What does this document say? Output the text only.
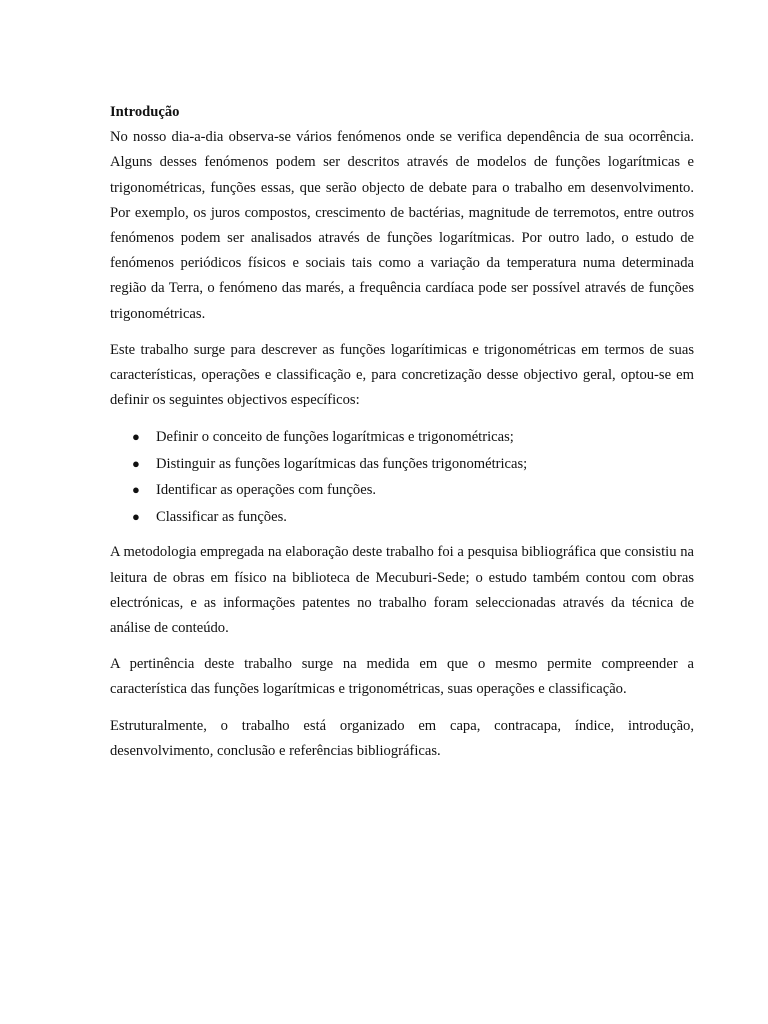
Introdução

No nosso dia-a-dia observa-se vários fenómenos onde se verifica dependência de sua ocorrência. Alguns desses fenómenos podem ser descritos através de modelos de funções logarítmicas e trigonométricas, funções essas, que serão objecto de debate para o trabalho em desenvolvimento. Por exemplo, os juros compostos, crescimento de bactérias, magnitude de terremotos, entre outros fenómenos podem ser analisados através de funções logarítmicas. Por outro lado, o estudo de fenómenos periódicos físicos e sociais tais como a variação da temperatura numa determinada região da Terra, o fenómeno das marés, a frequência cardíaca pode ser possível através de funções trigonométricas.

Este trabalho surge para descrever as funções logarítimicas e trigonométricas em termos de suas características, operações e classificação e, para concretização desse objectivo geral, optou-se em definir os seguintes objectivos específicos:

● Definir o conceito de funções logarítmicas e trigonométricas;
● Distinguir as funções logarítmicas das funções trigonométricas;
● Identificar as operações com funções.
● Classificar as funções.

A metodologia empregada na elaboração deste trabalho foi a pesquisa bibliográfica que consistiu na leitura de obras em físico na biblioteca de Mecuburi-Sede; o estudo também contou com obras electrónicas, e as informações patentes no trabalho foram seleccionadas através da técnica de análise de conteúdo.

A pertinência deste trabalho surge na medida em que o mesmo permite compreender a característica das funções logarítmicas e trigonométricas, suas operações e classificação.

Estruturalmente, o trabalho está organizado em capa, contracapa, índice, introdução, desenvolvimento, conclusão e referências bibliográficas.
